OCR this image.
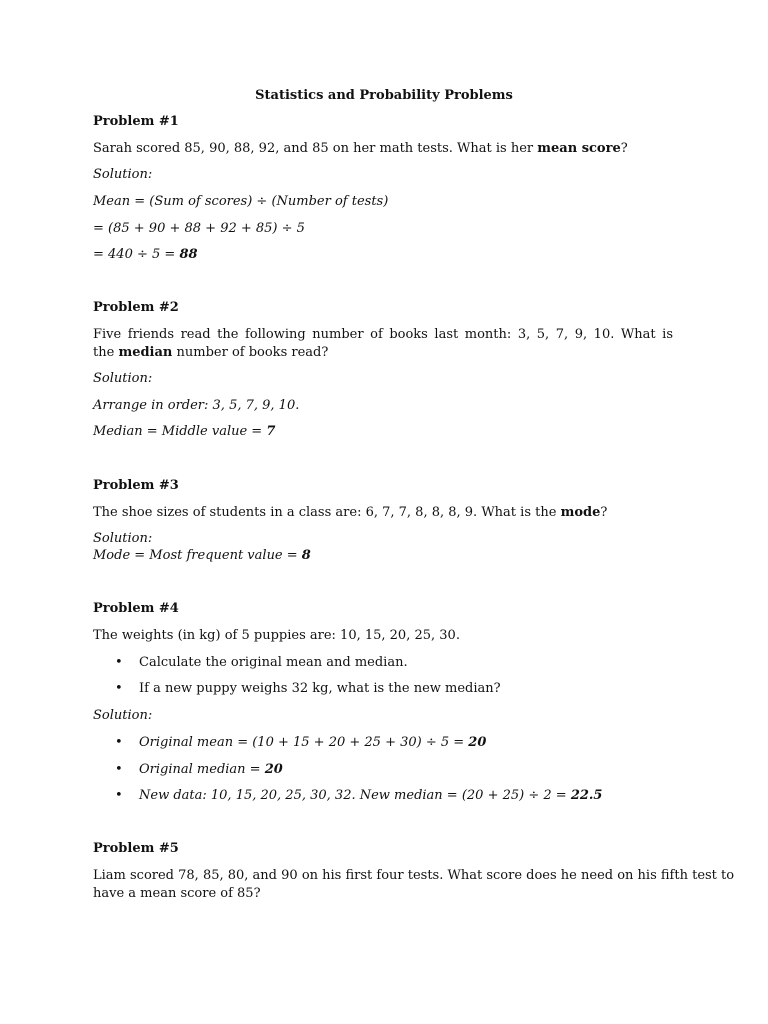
Statistics and Probability Problems
Problem #1
Sarah scored 85, 90, 88, 92, and 85 on her math tests. What is her mean score?
Solution:
Mean = (Sum of scores) ÷ (Number of tests)
= (85 + 90 + 88 + 92 + 85) ÷ 5
= 440 ÷ 5 = 88
Problem #2
Five friends read the following number of books last month: 3, 5, 7, 9, 10. What is
the median number of books read?
Solution:
Arrange in order: 3, 5, 7, 9, 10.
Median = Middle value = 7
Problem #3
The shoe sizes of students in a class are: 6, 7, 7, 8, 8, 8, 9. What is the mode?
Solution:
Mode = Most frequent value = 8
Problem #4
The weights (in kg) of 5 puppies are: 10, 15, 20, 25, 30.
• Calculate the original mean and median.
• If a new puppy weighs 32 kg, what is the new median?
Solution:
• Original mean = (10 + 15 + 20 + 25 + 30) ÷ 5 = 20
• Original median = 20
• New data: 10, 15, 20, 25, 30, 32. New median = (20 + 25) ÷ 2 = 22.5
Problem #5
Liam scored 78, 85, 80, and 90 on his first four tests. What score does he need on his fifth test to
have a mean score of 85?
